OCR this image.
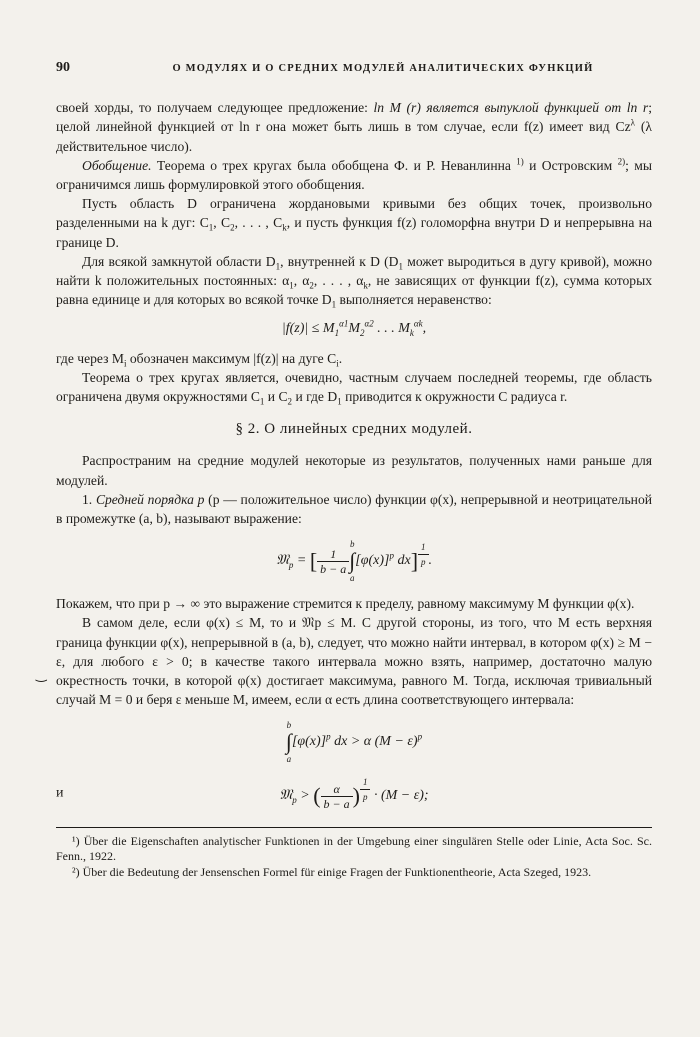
90	О МОДУЛЯХ И О СРЕДНИХ МОДУЛЕЙ АНАЛИТИЧЕСКИХ ФУНКЦИЙ

своей хорды, то получаем следующее предложение: ln M (r) является выпуклой функцией от ln r; целой линейной функцией от ln r она может быть лишь в том случае, если f(z) имеет вид $Cz^\lambda$ (λ действительное число).

Обобщение. Теорема о трех кругах была обобщена Ф. и Р. Неванлинна $^{1)}$ и Островским $^{2)}$; мы ограничимся лишь формулировкой этого обобщения.

Пусть область D ограничена жордановыми кривыми без общих точек, произвольно разделенными на k дуг: $C_1$, $C_2$, . . . , $C_k$, и пусть функция f(z) голоморфна внутри D и непрерывна на границе D.

Для всякой замкнутой области $D_1$, внутренней к D ($D_1$ может выродиться в дугу кривой), можно найти k положительных постоянных: $\alpha_1$, $\alpha_2$, . . . , $\alpha_k$, не зависящих от функции f(z), сумма которых равна единице и для которых во всякой точке $D_1$ выполняется неравенство:

$|f(z)| \le M_1^{\alpha 1}M_2^{\alpha 2}$ . . . $M_k^{\alpha k}$,

где через $M_i$ обозначен максимум |f(z)| на дуге $C_i$.

Теорема о трех кругах является, очевидно, частным случаем последней теоремы, где область ограничена двумя окружностями $C_1$ и $C_2$ и где $D_1$ приводится к окружности C радиуса r.

§ 2. О линейных средних модулей.

Распространим на средние модулей некоторые из результатов, полученных нами раньше для модулей.

1. Средней порядка p (p — положительное число) функции φ(x), непрерывной и неотрицательной в промежутке (a, b), называют выражение:

𝔐$_p$ = [ $\frac{1}{b - a}$
b
∫
a
$[\varphi(x)]^p$ $dx] \frac{1}{p}$ .

Покажем, что при p → ∞ это выражение стремится к пределу, равному максимуму M функции φ(x).

В самом деле, если φ(x) ≤ M, то и 𝔐p ≤ M. С другой стороны, из того, что M есть верхняя граница функции φ(x), непрерывной в (a, b), следует, что можно найти интервал, в котором φ(x) ≥ M − ε, для любого ε > 0; в качестве такого интервала можно взять, например, достаточно малую окрестность точки, в которой φ(x) достигает максимума, равного M. Тогда, исключая тривиальный случай M = 0 и беря ε меньше M, имеем, если α есть длина соответствующего интервала:

b
∫
a
$[\varphi(x)]^p$ dx > α $(M - \varepsilon)^p$
и	𝔐$_p$ > ( $\frac{\alpha}{b - a}$ ) $\frac{1}{p} \cdot (M - \varepsilon)$;

¹) Über die Eigenschaften analytischer Funktionen in der Umgebung einer singulären Stelle oder Linie, Acta Soc. Sc. Fenn., 1922.

²) Über die Bedeutung der Jensenschen Formel für einige Fragen der Funktionentheorie, Acta Szeged, 1923.

‿
